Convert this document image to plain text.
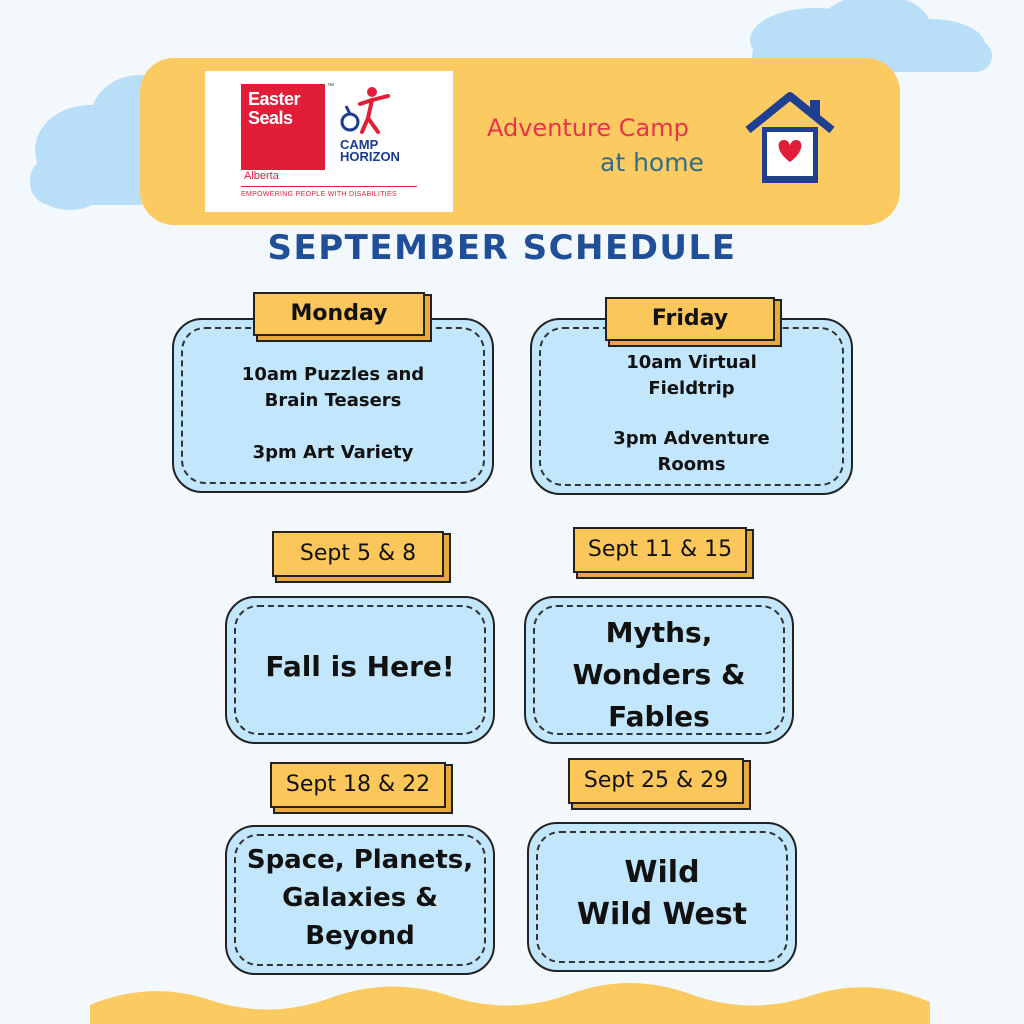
Easter
Seals
™
Alberta
EMPOWERING PEOPLE WITH DISABILITIES
CAMP
HORIZON
Adventure Camp
at home
SEPTEMBER SCHEDULE
10am Puzzles and
Brain Teasers
3pm Art Variety
Monday
10am Virtual
Fieldtrip
3pm Adventure
Rooms
Friday
Fall is Here!
Sept 5 & 8
Myths,
Wonders &
Fables
Sept 11 & 15
Space, Planets,
Galaxies &
Beyond
Sept 18 & 22
Wild
Wild West
Sept 25 & 29
